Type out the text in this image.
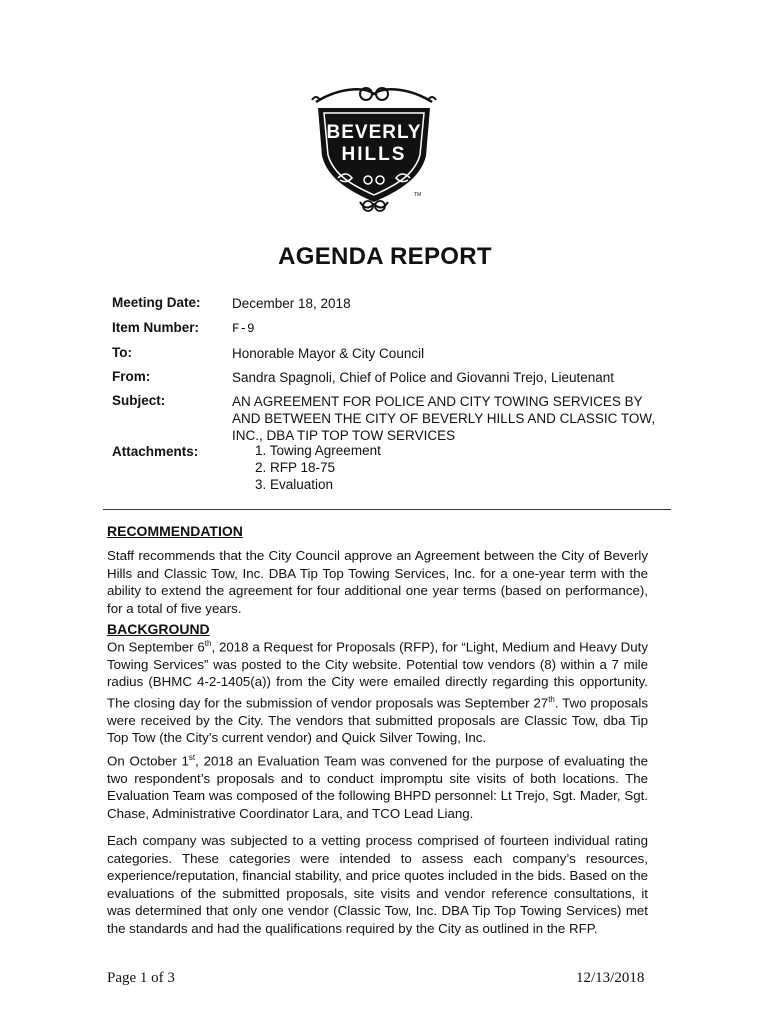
BEVERLY
HILLS
TM
AGENDA REPORT
Meeting Date: December 18, 2018
Item Number:	F-9
To:	Honorable Mayor & City Council
From:	Sandra Spagnoli, Chief of Police and Giovanni Trejo, Lieutenant
Subject:	AN AGREEMENT FOR POLICE AND CITY TOWING SERVICES BY AND BETWEEN THE CITY OF BEVERLY HILLS AND CLASSIC TOW, INC., DBA TIP TOP TOW SERVICES
Attachments:	1. Towing Agreement
2. RFP 18-75
3. Evaluation
RECOMMENDATION

Staff recommends that the City Council approve an Agreement between the City of Beverly Hills and Classic Tow, Inc. DBA Tip Top Towing Services, Inc. for a one-year term with the ability to extend the agreement for four additional one year terms (based on performance), for a total of five years.

BACKGROUND

On September 6th, 2018 a Request for Proposals (RFP), for “Light, Medium and Heavy Duty Towing Services” was posted to the City website. Potential tow vendors (8) within a 7 mile radius (BHMC 4-2-1405(a)) from the City were emailed directly regarding this opportunity. The closing day for the submission of vendor proposals was September 27th. Two proposals were received by the City. The vendors that submitted proposals are Classic Tow, dba Tip Top Tow (the City’s current vendor) and Quick Silver Towing, Inc.

On October 1st, 2018 an Evaluation Team was convened for the purpose of evaluating the two respondent’s proposals and to conduct impromptu site visits of both locations. The Evaluation Team was composed of the following BHPD personnel: Lt Trejo, Sgt. Mader, Sgt. Chase, Administrative Coordinator Lara, and TCO Lead Liang.

Each company was subjected to a vetting process comprised of fourteen individual rating categories. These categories were intended to assess each company’s resources, experience/reputation, financial stability, and price quotes included in the bids. Based on the evaluations of the submitted proposals, site visits and vendor reference consultations, it was determined that only one vendor (Classic Tow, Inc. DBA Tip Top Towing Services) met the standards and had the qualifications required by the City as outlined in the RFP.

Page 1 of 3	12/13/2018
